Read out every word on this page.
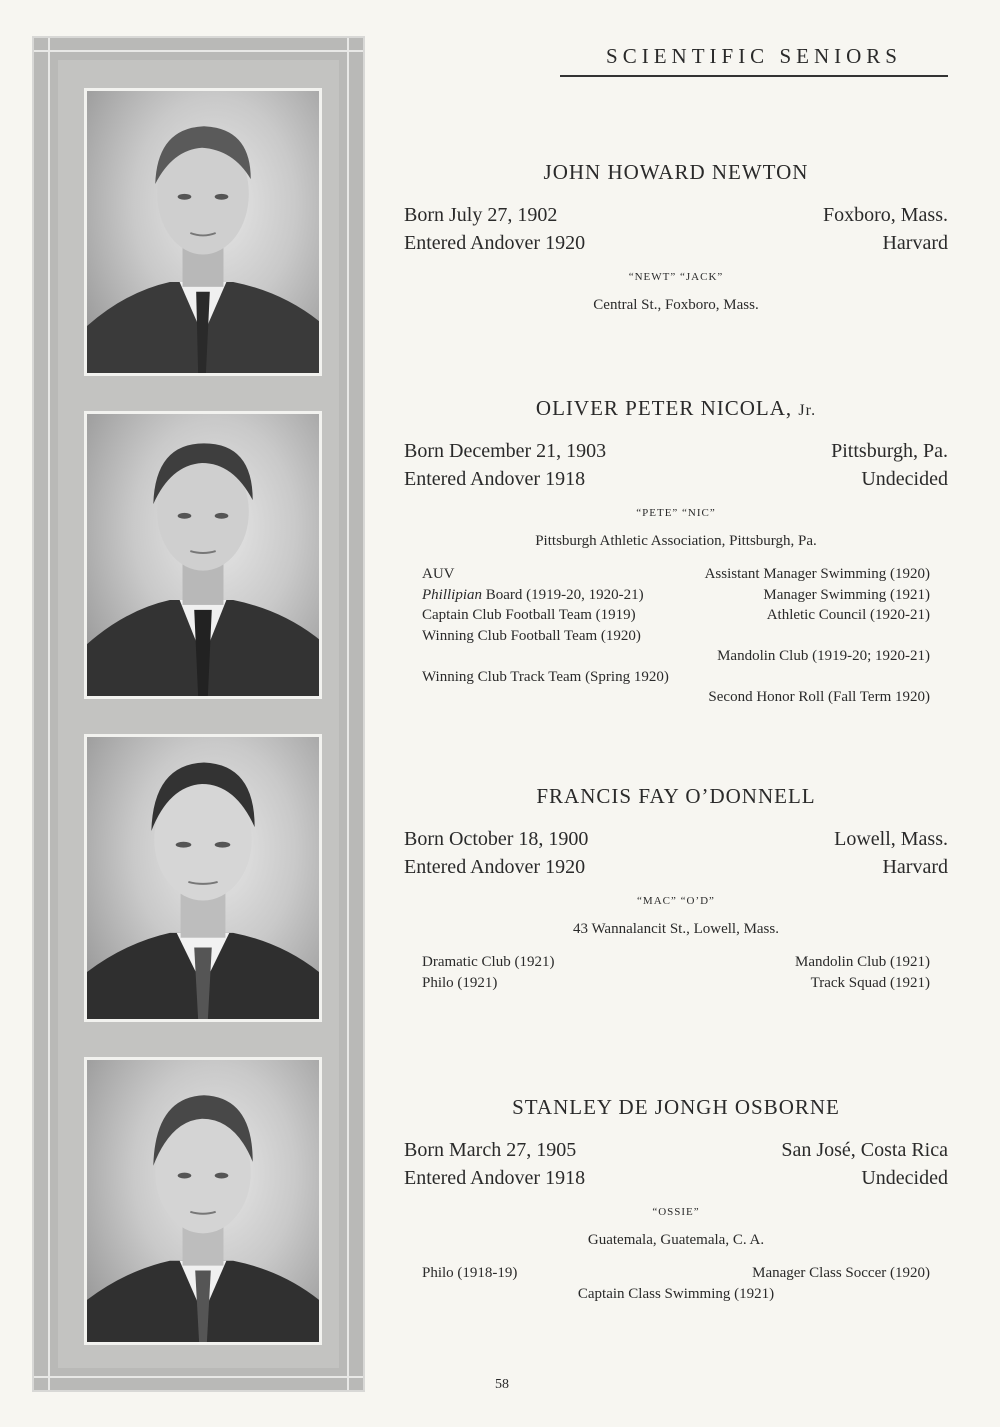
SCIENTIFIC SENIORS
JOHN HOWARD NEWTON
Born July 27, 1902	Foxboro, Mass.
Entered Andover 1920	Harvard
“NEWT” “JACK”
Central St., Foxboro, Mass.
OLIVER PETER NICOLA, Jr.
Born December 21, 1903	Pittsburgh, Pa.
Entered Andover 1918	Undecided
“PETE” “NIC”
Pittsburgh Athletic Association, Pittsburgh, Pa.
AUV	Assistant Manager Swimming (1920)
Phillipian Board (1919-20, 1920-21)	Manager Swimming (1921)
Captain Club Football Team (1919)	Athletic Council (1920-21)
Winning Club Football Team (1920)
Mandolin Club (1919-20; 1920-21)
Winning Club Track Team (Spring 1920)
Second Honor Roll (Fall Term 1920)
FRANCIS FAY O’DONNELL
Born October 18, 1900	Lowell, Mass.
Entered Andover 1920	Harvard
“MAC” “O’D”
43 Wannalancit St., Lowell, Mass.
Dramatic Club (1921)	Mandolin Club (1921)
Philo (1921)	Track Squad (1921)
STANLEY DE JONGH OSBORNE
Born March 27, 1905	San José, Costa Rica
Entered Andover 1918	Undecided
“OSSIE”
Guatemala, Guatemala, C. A.
Philo (1918-19)	Manager Class Soccer (1920)
Captain Class Swimming (1921)
58
